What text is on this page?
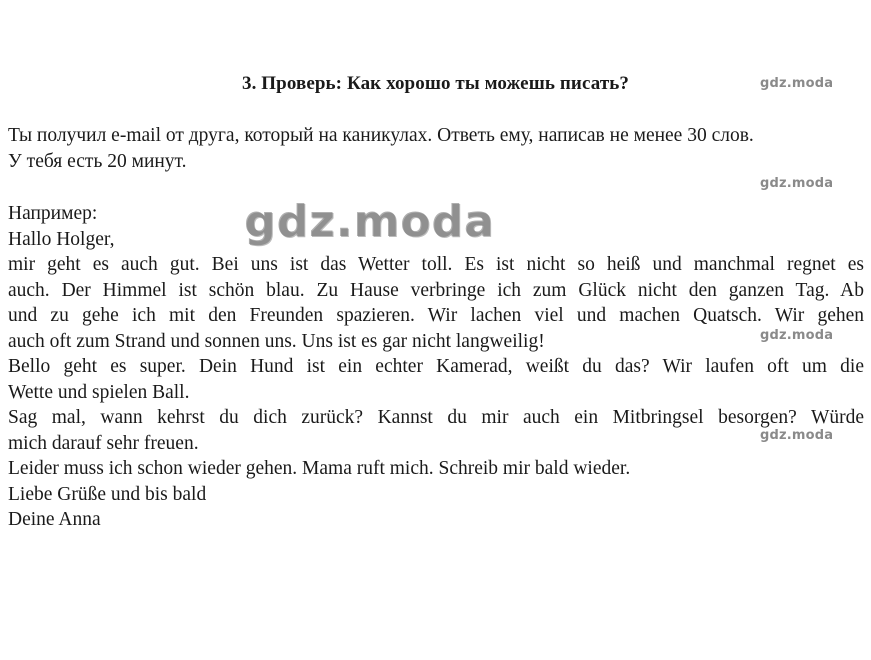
3. Проверь: Как хорошо ты можешь писать?

Ты получил e-mail от друга, который на каникулах. Ответь ему, написав не менее 30 слов.

У тебя есть 20 минут.

Например:

Hallo Holger,

mir geht es auch gut. Bei uns ist das Wetter toll. Es ist nicht so heiß und manchmal regnet es
auch. Der Himmel ist schön blau. Zu Hause verbringe ich zum Glück nicht den ganzen Tag. Ab
und zu gehe ich mit den Freunden spazieren. Wir lachen viel und machen Quatsch. Wir gehen

auch oft zum Strand und sonnen uns. Uns ist es gar nicht langweilig!

Bello geht es super. Dein Hund ist ein echter Kamerad, weißt du das? Wir laufen oft um die

Wette und spielen Ball.

Sag mal, wann kehrst du dich zurück? Kannst du mir auch ein Mitbringsel besorgen? Würde

mich darauf sehr freuen.

Leider muss ich schon wieder gehen. Mama ruft mich. Schreib mir bald wieder.

Liebe Grüße und bis bald

Deine Anna

gdz.moda
gdz.moda
gdz.moda
gdz.moda
gdz.moda
